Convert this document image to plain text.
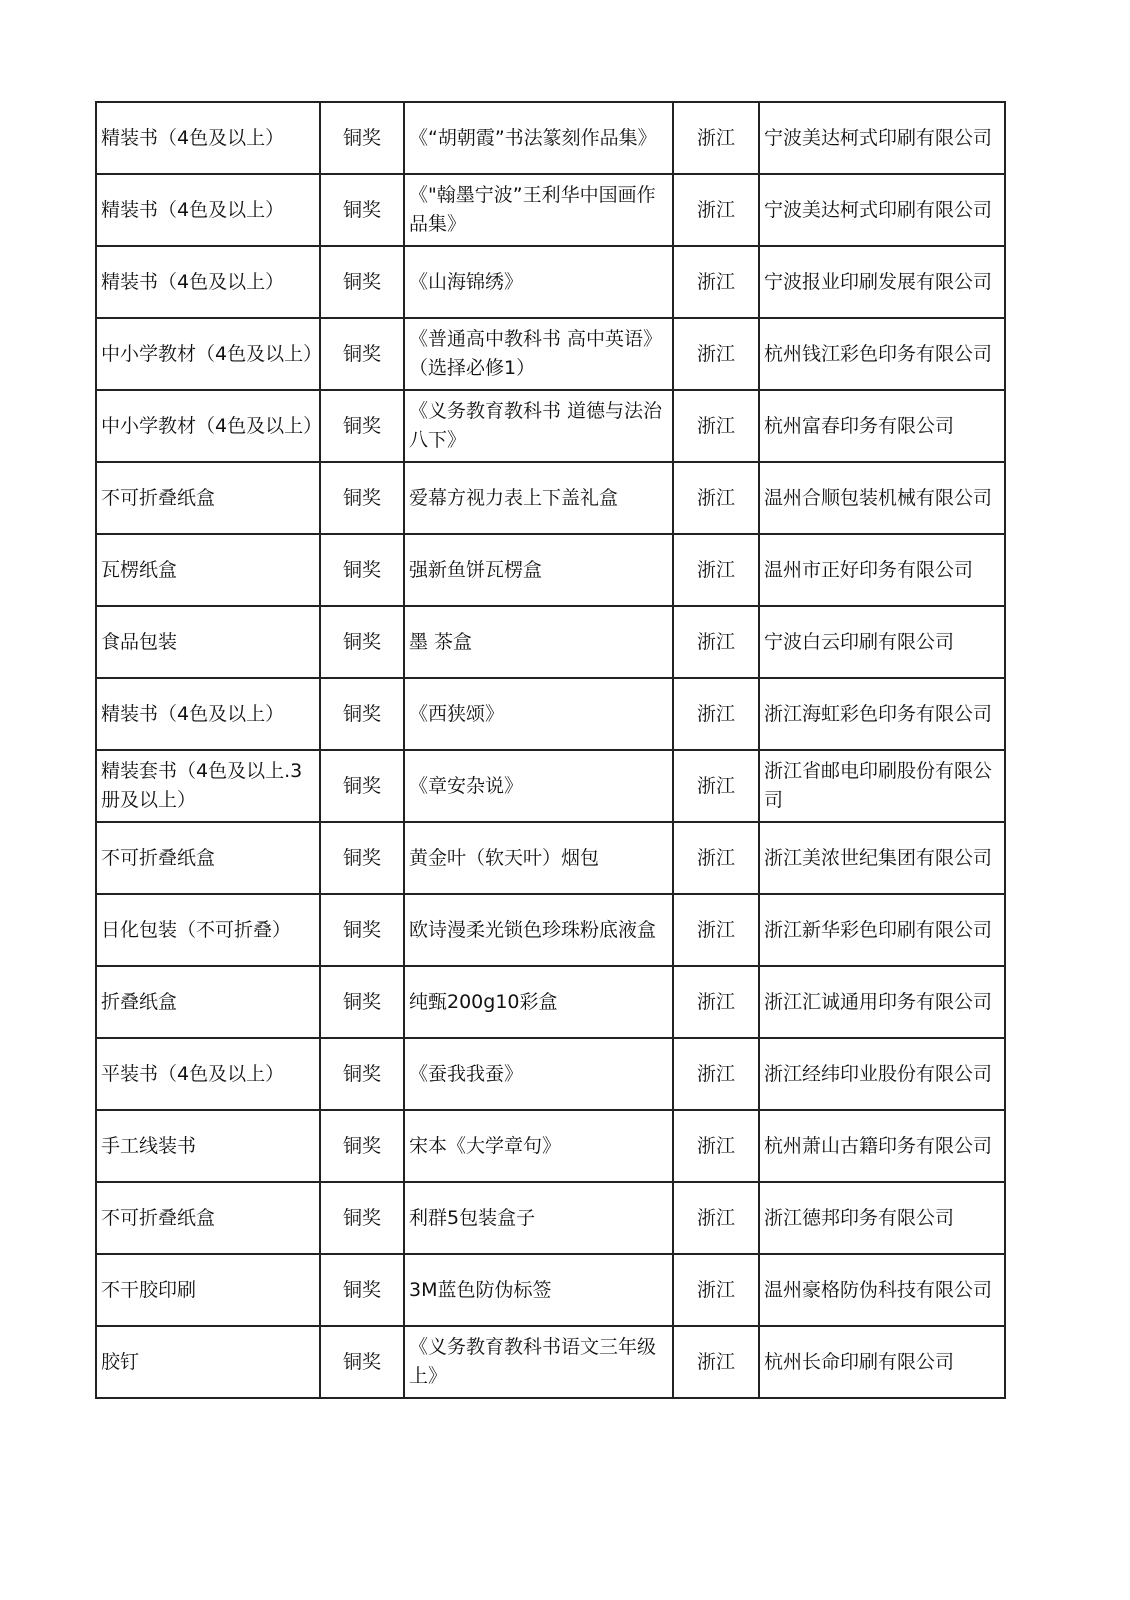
精装书（4色及以上）	铜奖	《“胡朝霞”书法篆刻作品集》	浙江	宁波美达柯式印刷有限公司
精装书（4色及以上）	铜奖	《"翰墨宁波”王利华中国画作品集》	浙江	宁波美达柯式印刷有限公司
精装书（4色及以上）	铜奖	《山海锦绣》	浙江	宁波报业印刷发展有限公司
中小学教材（4色及以上）	铜奖	《普通高中教科书 高中英语》（选择必修1）	浙江	杭州钱江彩色印务有限公司
中小学教材（4色及以上）	铜奖	《义务教育教科书 道德与法治八下》	浙江	杭州富春印务有限公司
不可折叠纸盒	铜奖	爱幕方视力表上下盖礼盒	浙江	温州合顺包装机械有限公司
瓦楞纸盒	铜奖	强新鱼饼瓦楞盒	浙江	温州市正好印务有限公司
食品包装	铜奖	墨 茶盒	浙江	宁波白云印刷有限公司
精装书（4色及以上）	铜奖	《西狭颂》	浙江	浙江海虹彩色印务有限公司
精装套书（4色及以上.3册及以上）	铜奖	《章安杂说》	浙江	浙江省邮电印刷股份有限公司
不可折叠纸盒	铜奖	黄金叶（软天叶）烟包	浙江	浙江美浓世纪集团有限公司
日化包装（不可折叠）	铜奖	欧诗漫柔光锁色珍珠粉底液盒	浙江	浙江新华彩色印刷有限公司
折叠纸盒	铜奖	纯甄200g10彩盒	浙江	浙江汇诚通用印务有限公司
平装书（4色及以上）	铜奖	《蚕我我蚕》	浙江	浙江经纬印业股份有限公司
手工线装书	铜奖	宋本《大学章句》	浙江	杭州萧山古籍印务有限公司
不可折叠纸盒	铜奖	利群5包装盒子	浙江	浙江德邦印务有限公司
不干胶印刷	铜奖	3M蓝色防伪标签	浙江	温州豪格防伪科技有限公司
胶钉	铜奖	《义务教育教科书语文三年级上》	浙江	杭州长命印刷有限公司
